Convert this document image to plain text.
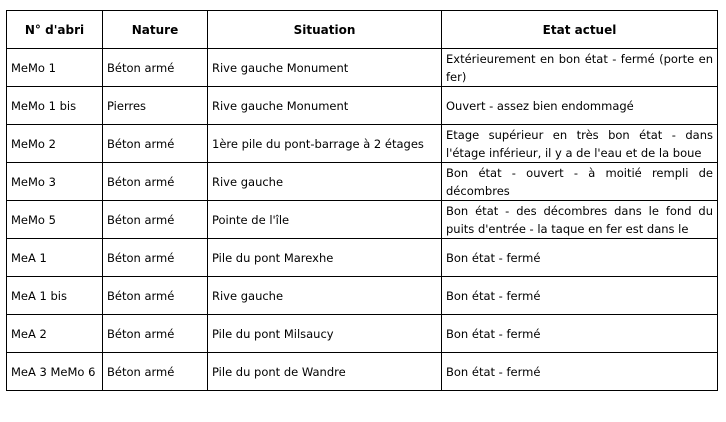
N° d'abri	Nature	Situation	Etat actuel
MeMo 1	Béton armé	Rive gauche Monument	Extérieurement en bon état - fermé (porte en fer)

MeMo 1 bis	Pierres	Rive gauche Monument	Ouvert - assez bien endommagé

MeMo 2	Béton armé	1ère pile du pont-barrage à 2 étages	Etage supérieur en très bon état - dans l'étage inférieur, il y a de l'eau et de la boue

MeMo 3	Béton armé	Rive gauche	Bon état - ouvert - à moitié rempli de décombres

MeMo 5	Béton armé	Pointe de l'île	Bon état - des décombres dans le fond du puits d'entrée - la taque en fer est dans le

MeA 1	Béton armé	Pile du pont Marexhe	Bon état - fermé

MeA 1 bis	Béton armé	Rive gauche	Bon état - fermé

MeA 2	Béton armé	Pile du pont Milsaucy	Bon état - fermé

MeA 3 MeMo 6	Béton armé	Pile du pont de Wandre	Bon état - fermé
